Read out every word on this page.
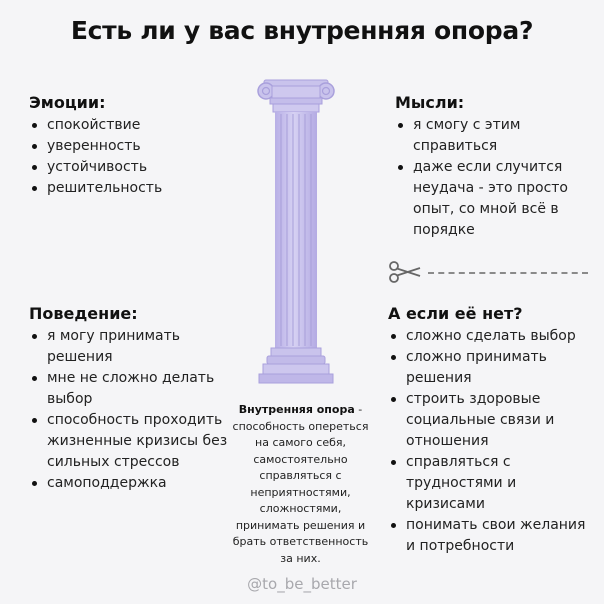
Есть ли у вас внутренняя опора?
Эмоции:
спокойствие
уверенность
устойчивость
решительность
Мысли:
я смогу с этим справиться
даже если случится неудача - это просто опыт, со мной всё в порядке
Поведение:
я могу принимать решения
мне не сложно делать выбор
способность проходить жизненные кризисы без сильных стрессов
самоподдержка
А если её нет?
сложно сделать выбор
сложно принимать решения
строить здоровые социальные связи и отношения
справляться с трудностями и кризисами
понимать свои желания и потребности
Внутренняя опора - способность опереться на самого себя, самостоятельно справляться с неприятностями, сложностями, принимать решения и брать ответственность за них.
@to_be_better
